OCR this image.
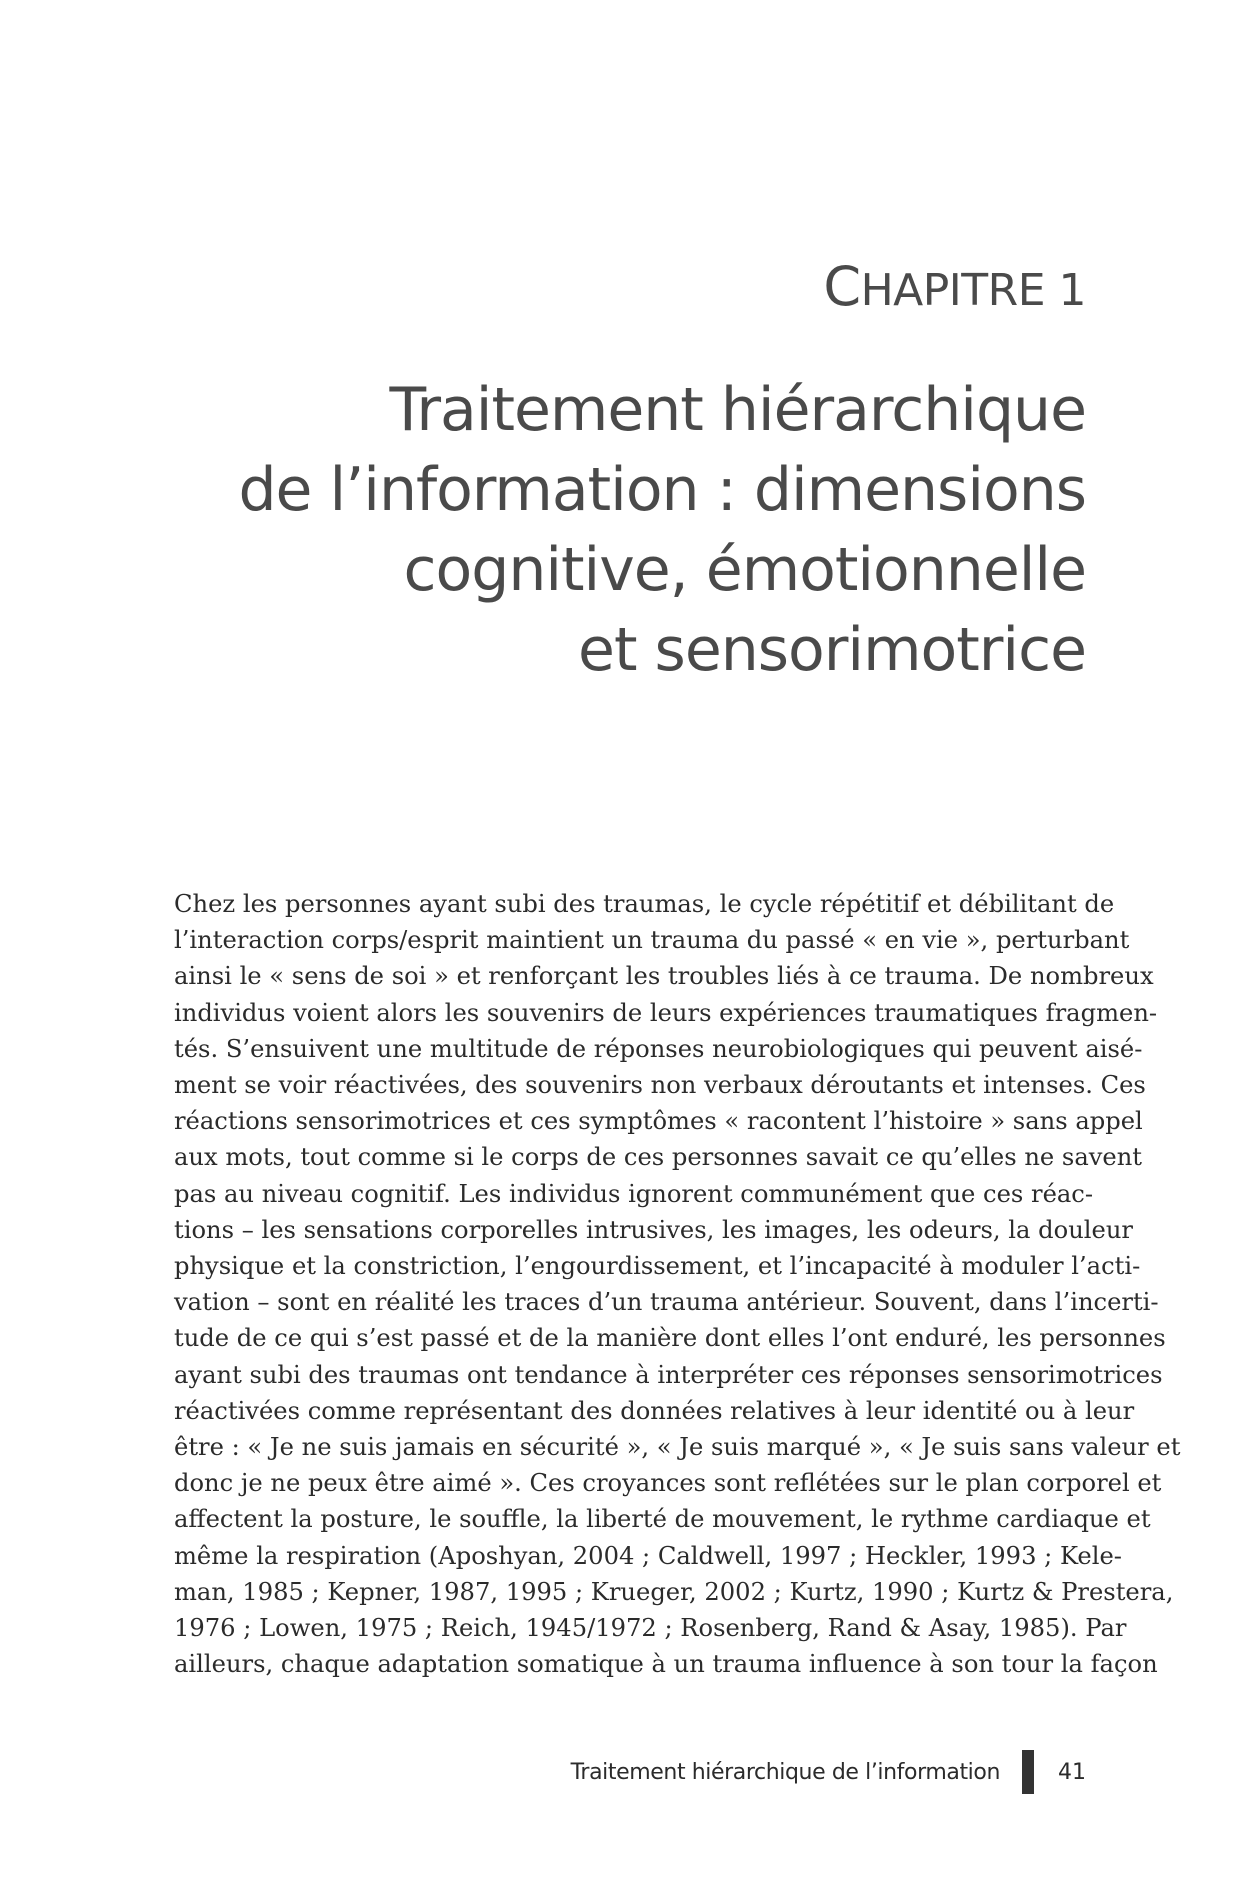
CHAPITRE 1
Traitement hiérarchique
de l’information : dimensions
cognitive, émotionnelle
et sensorimotrice
Chez les personnes ayant subi des traumas, le cycle répétitif et débilitant de
l’interaction corps/esprit maintient un trauma du passé « en vie », perturbant
ainsi le « sens de soi » et renforçant les troubles liés à ce trauma. De nombreux
individus voient alors les souvenirs de leurs expériences traumatiques fragmen-
tés. S’ensuivent une multitude de réponses neurobiologiques qui peuvent aisé-
ment se voir réactivées, des souvenirs non verbaux déroutants et intenses. Ces
réactions sensorimotrices et ces symptômes « racontent l’histoire » sans appel
aux mots, tout comme si le corps de ces personnes savait ce qu’elles ne savent
pas au niveau cognitif. Les individus ignorent communément que ces réac-
tions – les sensations corporelles intrusives, les images, les odeurs, la douleur
physique et la constriction, l’engourdissement, et l’incapacité à moduler l’acti-
vation – sont en réalité les traces d’un trauma antérieur. Souvent, dans l’incerti-
tude de ce qui s’est passé et de la manière dont elles l’ont enduré, les personnes
ayant subi des traumas ont tendance à interpréter ces réponses sensorimotrices
réactivées comme représentant des données relatives à leur identité ou à leur
être : « Je ne suis jamais en sécurité », « Je suis marqué », « Je suis sans valeur et
donc je ne peux être aimé ». Ces croyances sont reflétées sur le plan corporel et
affectent la posture, le souffle, la liberté de mouvement, le rythme cardiaque et
même la respiration (Aposhyan, 2004 ; Caldwell, 1997 ; Heckler, 1993 ; Kele-
man, 1985 ; Kepner, 1987, 1995 ; Krueger, 2002 ; Kurtz, 1990 ; Kurtz & Prestera,
1976 ; Lowen, 1975 ; Reich, 1945/1972 ; Rosenberg, Rand & Asay, 1985). Par
ailleurs, chaque adaptation somatique à un trauma influence à son tour la façon
Traitement hiérarchique de l’information	41
